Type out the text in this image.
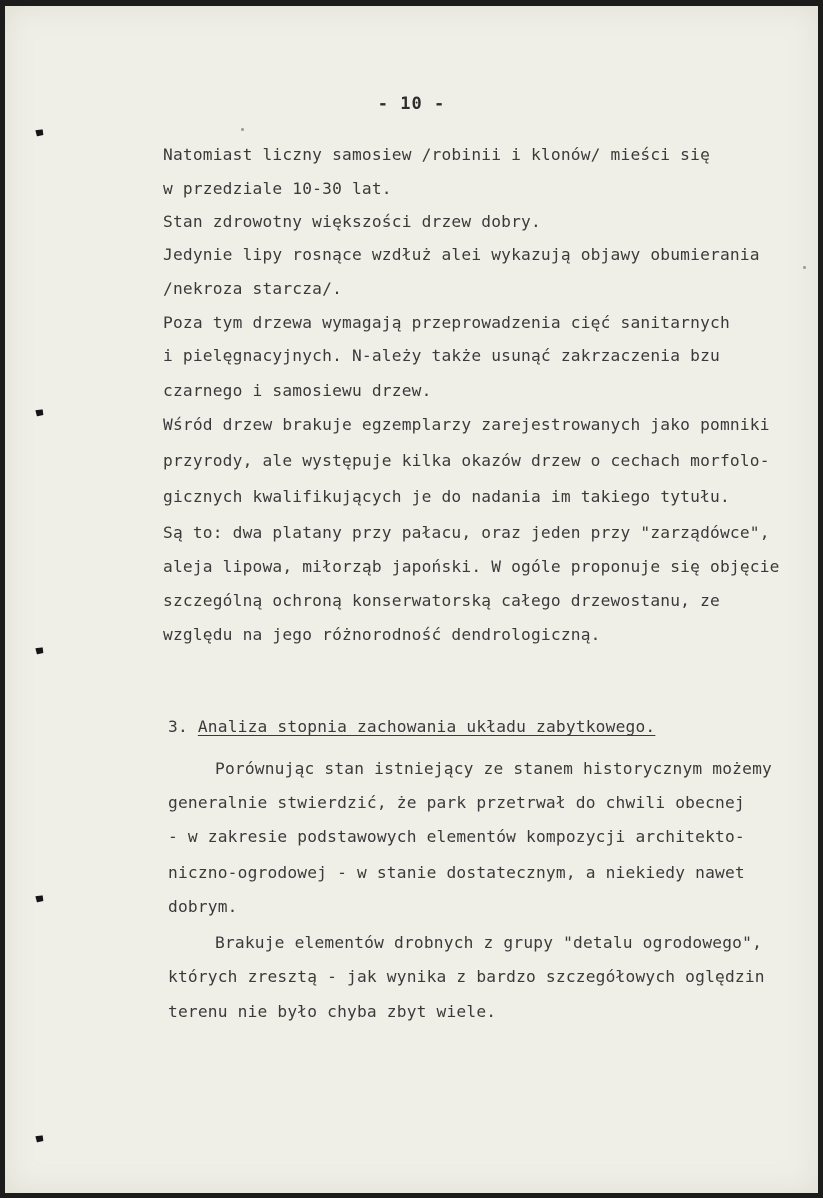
- 10 -
Natomiast liczny samosiew /robinii i klonów/ mieści się
w przedziale 10-30 lat.
Stan zdrowotny większości drzew dobry.
Jedynie lipy rosnące wzdłuż alei wykazują objawy obumierania
/nekroza starcza/.
Poza tym drzewa wymagają przeprowadzenia cięć sanitarnych
i pielęgnacyjnych. N-ależy także usunąć zakrzaczenia bzu
czarnego i samosiewu drzew.
Wśród drzew brakuje egzemplarzy zarejestrowanych jako pomniki
przyrody, ale występuje kilka okazów drzew o cechach morfolo-
gicznych kwalifikujących je do nadania im takiego tytułu.
Są to: dwa platany przy pałacu, oraz jeden przy "zarządówce",
aleja lipowa, miłorząb japoński. W ogóle proponuje się objęcie
szczególną ochroną konserwatorską całego drzewostanu, ze
względu na jego różnorodność dendrologiczną.
3. Analiza stopnia zachowania układu zabytkowego.
Porównując stan istniejący ze stanem historycznym możemy
generalnie stwierdzić, że park przetrwał do chwili obecnej
- w zakresie podstawowych elementów kompozycji architekto-
niczno-ogrodowej - w stanie dostatecznym, a niekiedy nawet
dobrym.
Brakuje elementów drobnych z grupy "detalu ogrodowego",
których zresztą - jak wynika z bardzo szczegółowych oględzin
terenu nie było chyba zbyt wiele.
